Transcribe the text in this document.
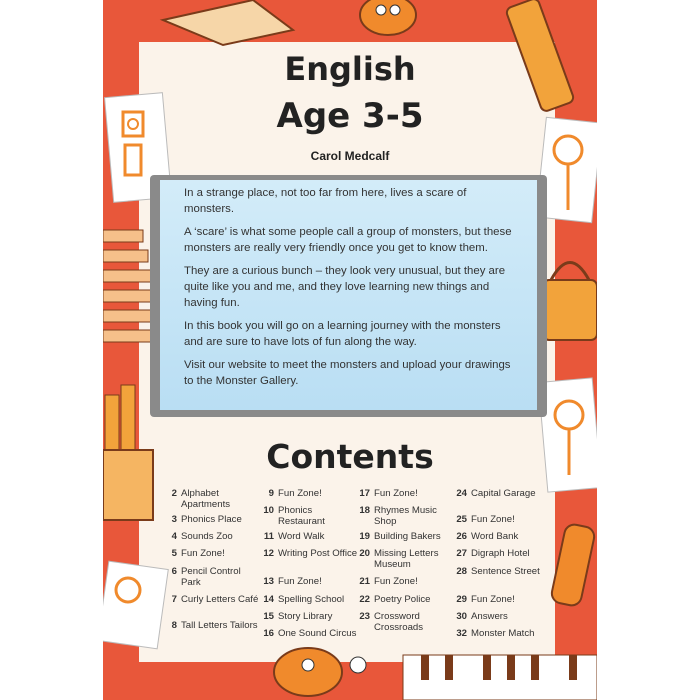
English
Age 3-5
Carol Medcalf

In a strange place, not too far from here, lives a scare of monsters.

A ‘scare’ is what some people call a group of monsters, but these monsters are really very friendly once you get to know them.

They are a curious bunch – they look very unusual, but they are quite like you and me, and they love learning new things and having fun.

In this book you will go on a learning journey with the monsters and are sure to have lots of fun along the way.

Visit our website to meet the monsters and upload your drawings to the Monster Gallery.

Contents
2 Alphabet Apartments
3 Phonics Place
4 Sounds Zoo
5 Fun Zone!
6 Pencil Control Park
7 Curly Letters Café
8 Tall Letters Tailors
9 Fun Zone!
10 Phonics Restaurant
11 Word Walk
12 Writing Post Office
13 Fun Zone!
14 Spelling School
15 Story Library
16 One Sound Circus
17 Fun Zone!
18 Rhymes Music Shop
19 Building Bakers
20 Missing Letters Museum
21 Fun Zone!
22 Poetry Police
23 Crossword Crossroads
24 Capital Garage
25 Fun Zone!
26 Word Bank
27 Digraph Hotel
28 Sentence Street
29 Fun Zone!
30 Answers
32 Monster Match
